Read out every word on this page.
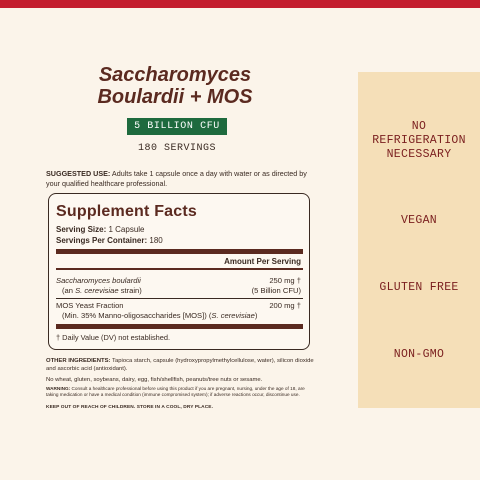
Saccharomyces
Boulardii + MOS
5 BILLION CFU
180 SERVINGS
SUGGESTED USE: Adults take 1 capsule once a day with water or as directed by your qualified healthcare professional.
Supplement Facts
Serving Size: 1 Capsule
Servings Per Container: 180
Amount Per Serving
Saccharomyces boulardii
(an S. cerevisiae strain)
250 mg †
(5 Billion CFU)
MOS Yeast Fraction
(Min. 35% Manno-oligosaccharides [MOS]) (S. cerevisiae)
200 mg †
† Daily Value (DV) not established.
OTHER INGREDIENTS: Tapioca starch, capsule (hydroxypropylmethylcellulose, water), silicon dioxide and ascorbic acid (antioxidant).
No wheat, gluten, soybeans, dairy, egg, fish/shellfish, peanuts/tree nuts or sesame.
WARNING: Consult a healthcare professional before using this product if you are pregnant, nursing, under the age of 18, are taking medication or have a medical condition (immune compromised system); if adverse reactions occur, discontinue use.
KEEP OUT OF REACH OF CHILDREN. STORE IN A COOL, DRY PLACE.
NO
REFRIGERATION
NECESSARY
VEGAN
GLUTEN FREE
NON-GMO
